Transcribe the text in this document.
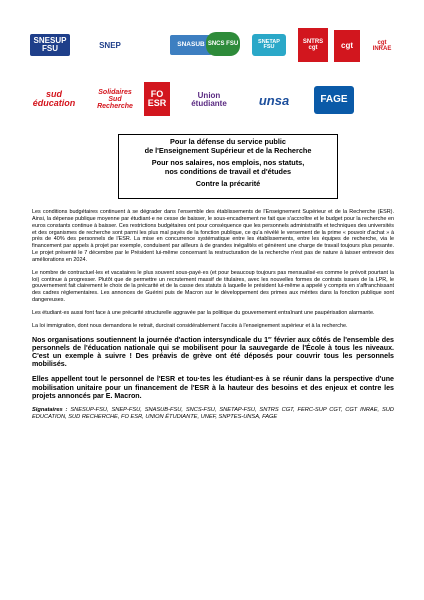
SNESUP FSU	SNEP	SNASUB SNCS FSU	SNETAP FSU
SNTRS cgt	cgt	cgt INRAE
sud éducation
Solidaires Sud Recherche
FO ESR
Union étudiante	unsa	FAGE
Pour la défense du service public
de l'Enseignement Supérieur et de la Recherche
Pour nos salaires, nos emplois, nos statuts,
nos conditions de travail et d'études
Contre la précarité

Les conditions budgétaires continuent à se dégrader dans l'ensemble des établissements de l'Enseignement Supérieur et de la Recherche (ESR). Ainsi, la dépense publique moyenne par étudiant·e ne cesse de baisser, le sous-encadrement ne fait que s'accroître et le budget pour la recherche en euros constants continue à baisser. Ces restrictions budgétaires ont pour conséquence que les personnels administratifs et techniques des universités et des organismes de recherche sont parmi les plus mal payés de la fonction publique, ce qu'a révélé le versement de la prime « pouvoir d'achat » à près de 40% des personnels de l'ESR. La mise en concurrence systématique entre les établissements, entre les équipes de recherche, via le financement par appels à projet par exemple, conduisent par ailleurs à de grandes inégalités et génèrent une charge de travail toujours plus pesante. Le projet présenté le 7 décembre par le Président lui-même concernant la restructuration de la recherche n'est pas de nature à laisser entrevoir des améliorations en 2024.

Le nombre de contractuel·les et vacataires le plus souvent sous-payé·es (et pour beaucoup toujours pas mensualisé·es comme le prévoit pourtant la loi) continue à progresser. Plutôt que de permettre un recrutement massif de titulaires, avec les nouvelles formes de contrats issues de la LPR, le gouvernement fait clairement le choix de la précarité et de la casse des statuts à laquelle le président lui-même a appelé y compris en s'affranchissant des cadres réglementaires. Les annonces de Guérini puis de Macron sur le développement des primes aux mérites dans la fonction publique sont dangereuses.

Les étudiant·es aussi font face à une précarité structurelle aggravée par la politique du gouvernement entraînant une paupérisation alarmante.

La loi immigration, dont nous demandons le retrait, durcirait considérablement l'accès à l'enseignement supérieur et à la recherche.

Nos organisations soutiennent la journée d'action intersyndicale du 1er février aux côtés de l'ensemble des personnels de l'éducation nationale qui se mobilisent pour la sauvegarde de l'École à tous les niveaux. C'est un exemple à suivre ! Des préavis de grève ont été déposés pour couvrir tous les personnels mobilisés.

Elles appellent tout le personnel de l'ESR et tou·tes les étudiant·es à se réunir dans la perspective d'une mobilisation unitaire pour un financement de l'ESR à la hauteur des besoins et des enjeux et contre les projets annoncés par E. Macron.

Signataires : SNESUP-FSU, SNEP-FSU, SNASUB-FSU, SNCS-FSU, SNETAP-FSU, SNTRS CGT, FERC-SUP CGT, CGT INRAE, SUD EDUCATION, SUD RECHERCHE, FO ESR, UNION ÉTUDIANTE, UNEF, SNPTES-UNSA, FAGE
